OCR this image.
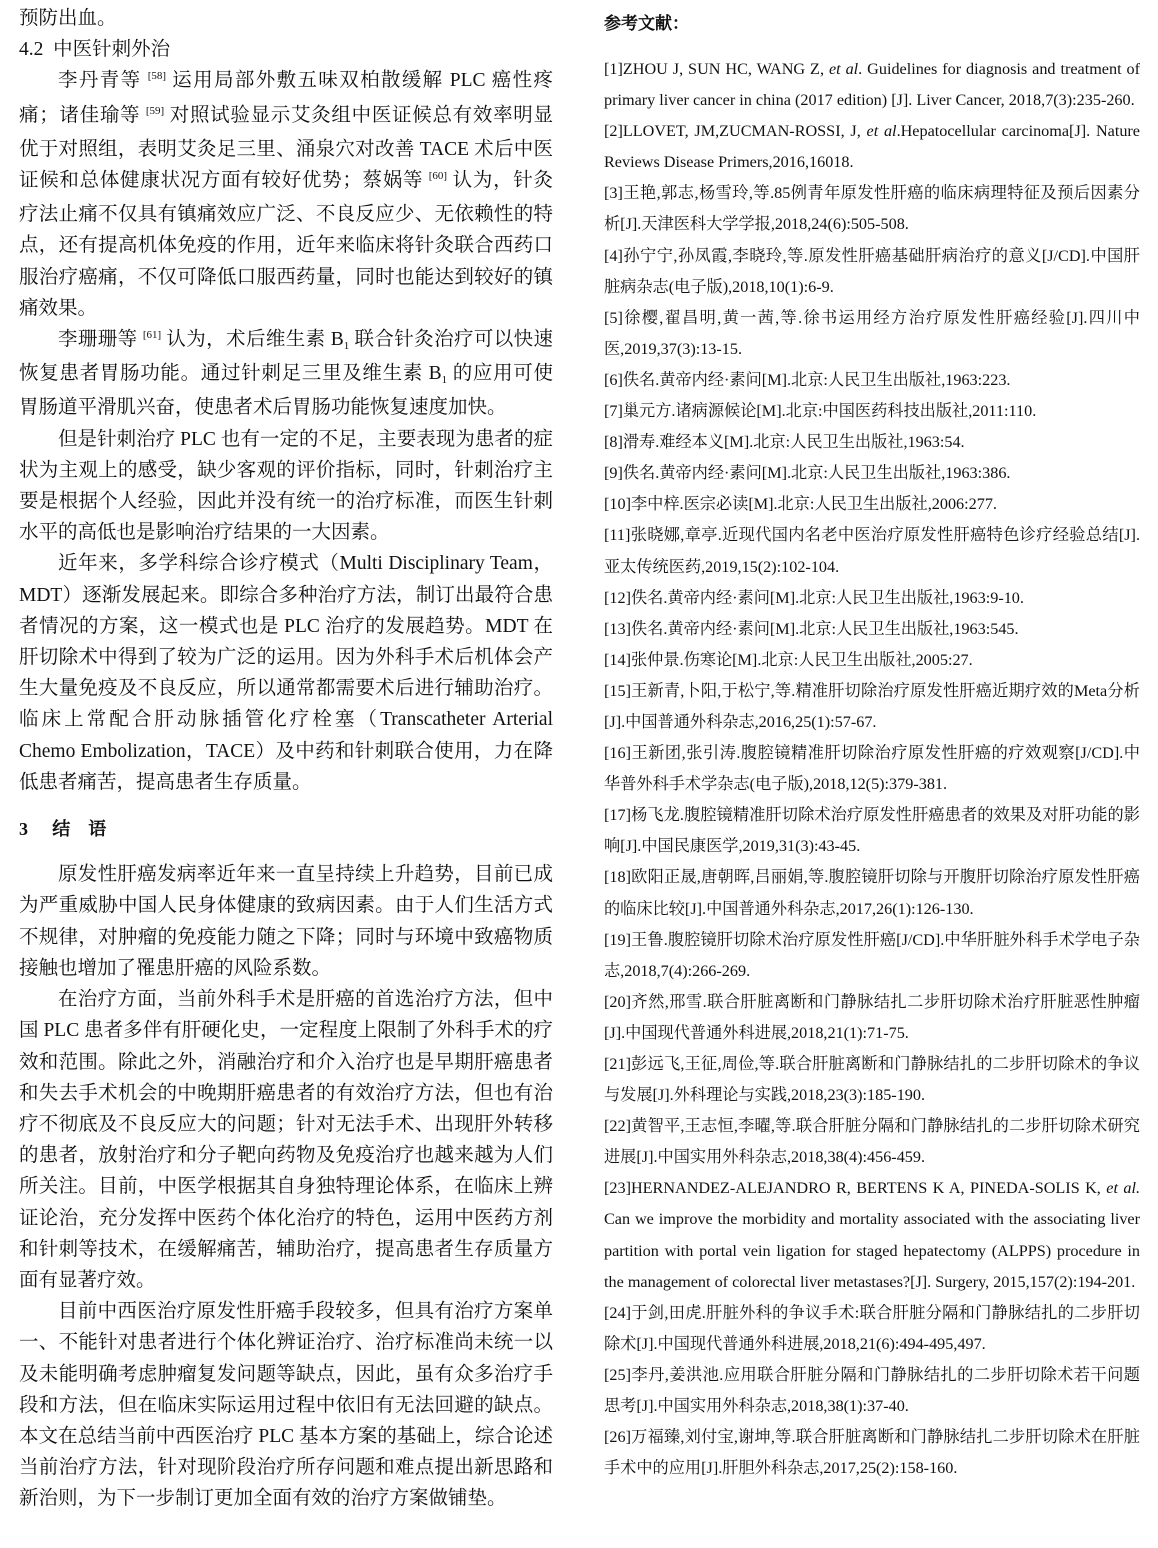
预防出血。

4.2 中医针刺外治

李丹青等 [58] 运用局部外敷五味双柏散缓解 PLC 癌性疼痛；诸佳瑜等 [59] 对照试验显示艾灸组中医证候总有效率明显优于对照组，表明艾灸足三里、涌泉穴对改善 TACE 术后中医证候和总体健康状况方面有较好优势；蔡娲等 [60] 认为，针灸疗法止痛不仅具有镇痛效应广泛、不良反应少、无依赖性的特点，还有提高机体免疫的作用，近年来临床将针灸联合西药口服治疗癌痛，不仅可降低口服西药量，同时也能达到较好的镇痛效果。

李珊珊等 [61] 认为，术后维生素 $B_1$ 联合针灸治疗可以快速恢复患者胃肠功能。通过针刺足三里及维生素 $B_1$ 的应用可使胃肠道平滑肌兴奋，使患者术后胃肠功能恢复速度加快。

但是针刺治疗 PLC 也有一定的不足，主要表现为患者的症状为主观上的感受，缺少客观的评价指标，同时，针刺治疗主要是根据个人经验，因此并没有统一的治疗标准，而医生针刺水平的高低也是影响治疗结果的一大因素。

近年来，多学科综合诊疗模式（Multi Disciplinary Team，MDT）逐渐发展起来。即综合多种治疗方法，制订出最符合患者情况的方案，这一模式也是 PLC 治疗的发展趋势。MDT 在肝切除术中得到了较为广泛的运用。因为外科手术后机体会产生大量免疫及不良反应，所以通常都需要术后进行辅助治疗。临床上常配合肝动脉插管化疗栓塞（Transcatheter Arterial Chemo Embolization，TACE）及中药和针刺联合使用，力在降低患者痛苦，提高患者生存质量。

3 结语

原发性肝癌发病率近年来一直呈持续上升趋势，目前已成为严重威胁中国人民身体健康的致病因素。由于人们生活方式不规律，对肿瘤的免疫能力随之下降；同时与环境中致癌物质接触也增加了罹患肝癌的风险系数。

在治疗方面，当前外科手术是肝癌的首选治疗方法，但中国 PLC 患者多伴有肝硬化史，一定程度上限制了外科手术的疗效和范围。除此之外，消融治疗和介入治疗也是早期肝癌患者和失去手术机会的中晚期肝癌患者的有效治疗方法，但也有治疗不彻底及不良反应大的问题；针对无法手术、出现肝外转移的患者，放射治疗和分子靶向药物及免疫治疗也越来越为人们所关注。目前，中医学根据其自身独特理论体系，在临床上辨证论治，充分发挥中医药个体化治疗的特色，运用中医药方剂和针刺等技术，在缓解痛苦，辅助治疗，提高患者生存质量方面有显著疗效。

目前中西医治疗原发性肝癌手段较多，但具有治疗方案单一、不能针对患者进行个体化辨证治疗、治疗标准尚未统一以及未能明确考虑肿瘤复发问题等缺点，因此，虽有众多治疗手段和方法，但在临床实际运用过程中依旧有无法回避的缺点。本文在总结当前中西医治疗 PLC 基本方案的基础上，综合论述当前治疗方法，针对现阶段治疗所存问题和难点提出新思路和新治则，为下一步制订更加全面有效的治疗方案做铺垫。

参考文献：

[1]ZHOU J, SUN HC, WANG Z, et al. Guidelines for diagnosis and treatment of primary liver cancer in china (2017 edition) [J]. Liver Cancer, 2018,7(3):235-260.

[2]LLOVET, JM,ZUCMAN-ROSSI, J, et al.Hepatocellular carcinoma[J]. Nature Reviews Disease Primers,2016,16018.

[3]王艳,郭志,杨雪玲,等.85例青年原发性肝癌的临床病理特征及预后因素分析[J].天津医科大学学报,2018,24(6):505-508.

[4]孙宁宁,孙凤霞,李晓玲,等.原发性肝癌基础肝病治疗的意义[J/CD].中国肝脏病杂志(电子版),2018,10(1):6-9.

[5]徐樱,翟昌明,黄一茜,等.徐书运用经方治疗原发性肝癌经验[J].四川中医,2019,37(3):13-15.

[6]佚名.黄帝内经·素问[M].北京:人民卫生出版社,1963:223.

[7]巢元方.诸病源候论[M].北京:中国医药科技出版社,2011:110.

[8]滑寿.难经本义[M].北京:人民卫生出版社,1963:54.

[9]佚名.黄帝内经·素问[M].北京:人民卫生出版社,1963:386.

[10]李中梓.医宗必读[M].北京:人民卫生出版社,2006:277.

[11]张晓娜,章亭.近现代国内名老中医治疗原发性肝癌特色诊疗经验总结[J].亚太传统医药,2019,15(2):102-104.

[12]佚名.黄帝内经·素问[M].北京:人民卫生出版社,1963:9-10.

[13]佚名.黄帝内经·素问[M].北京:人民卫生出版社,1963:545.

[14]张仲景.伤寒论[M].北京:人民卫生出版社,2005:27.

[15]王新青,卜阳,于松宁,等.精准肝切除治疗原发性肝癌近期疗效的Meta分析[J].中国普通外科杂志,2016,25(1):57-67.

[16]王新团,张引涛.腹腔镜精准肝切除治疗原发性肝癌的疗效观察[J/CD].中华普外科手术学杂志(电子版),2018,12(5):379-381.

[17]杨飞龙.腹腔镜精准肝切除术治疗原发性肝癌患者的效果及对肝功能的影响[J].中国民康医学,2019,31(3):43-45.

[18]欧阳正晟,唐朝晖,吕丽娟,等.腹腔镜肝切除与开腹肝切除治疗原发性肝癌的临床比较[J].中国普通外科杂志,2017,26(1):126-130.

[19]王鲁.腹腔镜肝切除术治疗原发性肝癌[J/CD].中华肝脏外科手术学电子杂志,2018,7(4):266-269.

[20]齐然,邢雪.联合肝脏离断和门静脉结扎二步肝切除术治疗肝脏恶性肿瘤[J].中国现代普通外科进展,2018,21(1):71-75.

[21]彭远飞,王征,周俭,等.联合肝脏离断和门静脉结扎的二步肝切除术的争议与发展[J].外科理论与实践,2018,23(3):185-190.

[22]黄智平,王志恒,李曜,等.联合肝脏分隔和门静脉结扎的二步肝切除术研究进展[J].中国实用外科杂志,2018,38(4):456-459.

[23]HERNANDEZ-ALEJANDRO R, BERTENS K A, PINEDA-SOLIS K, et al. Can we improve the morbidity and mortality associated with the associating liver partition with portal vein ligation for staged hepatectomy (ALPPS) procedure in the management of colorectal liver metastases?[J]. Surgery, 2015,157(2):194-201.

[24]于剑,田虎.肝脏外科的争议手术:联合肝脏分隔和门静脉结扎的二步肝切除术[J].中国现代普通外科进展,2018,21(6):494-495,497.

[25]李丹,姜洪池.应用联合肝脏分隔和门静脉结扎的二步肝切除术若干问题思考[J].中国实用外科杂志,2018,38(1):37-40.

[26]万福臻,刘付宝,谢坤,等.联合肝脏离断和门静脉结扎二步肝切除术在肝脏手术中的应用[J].肝胆外科杂志,2017,25(2):158-160.
